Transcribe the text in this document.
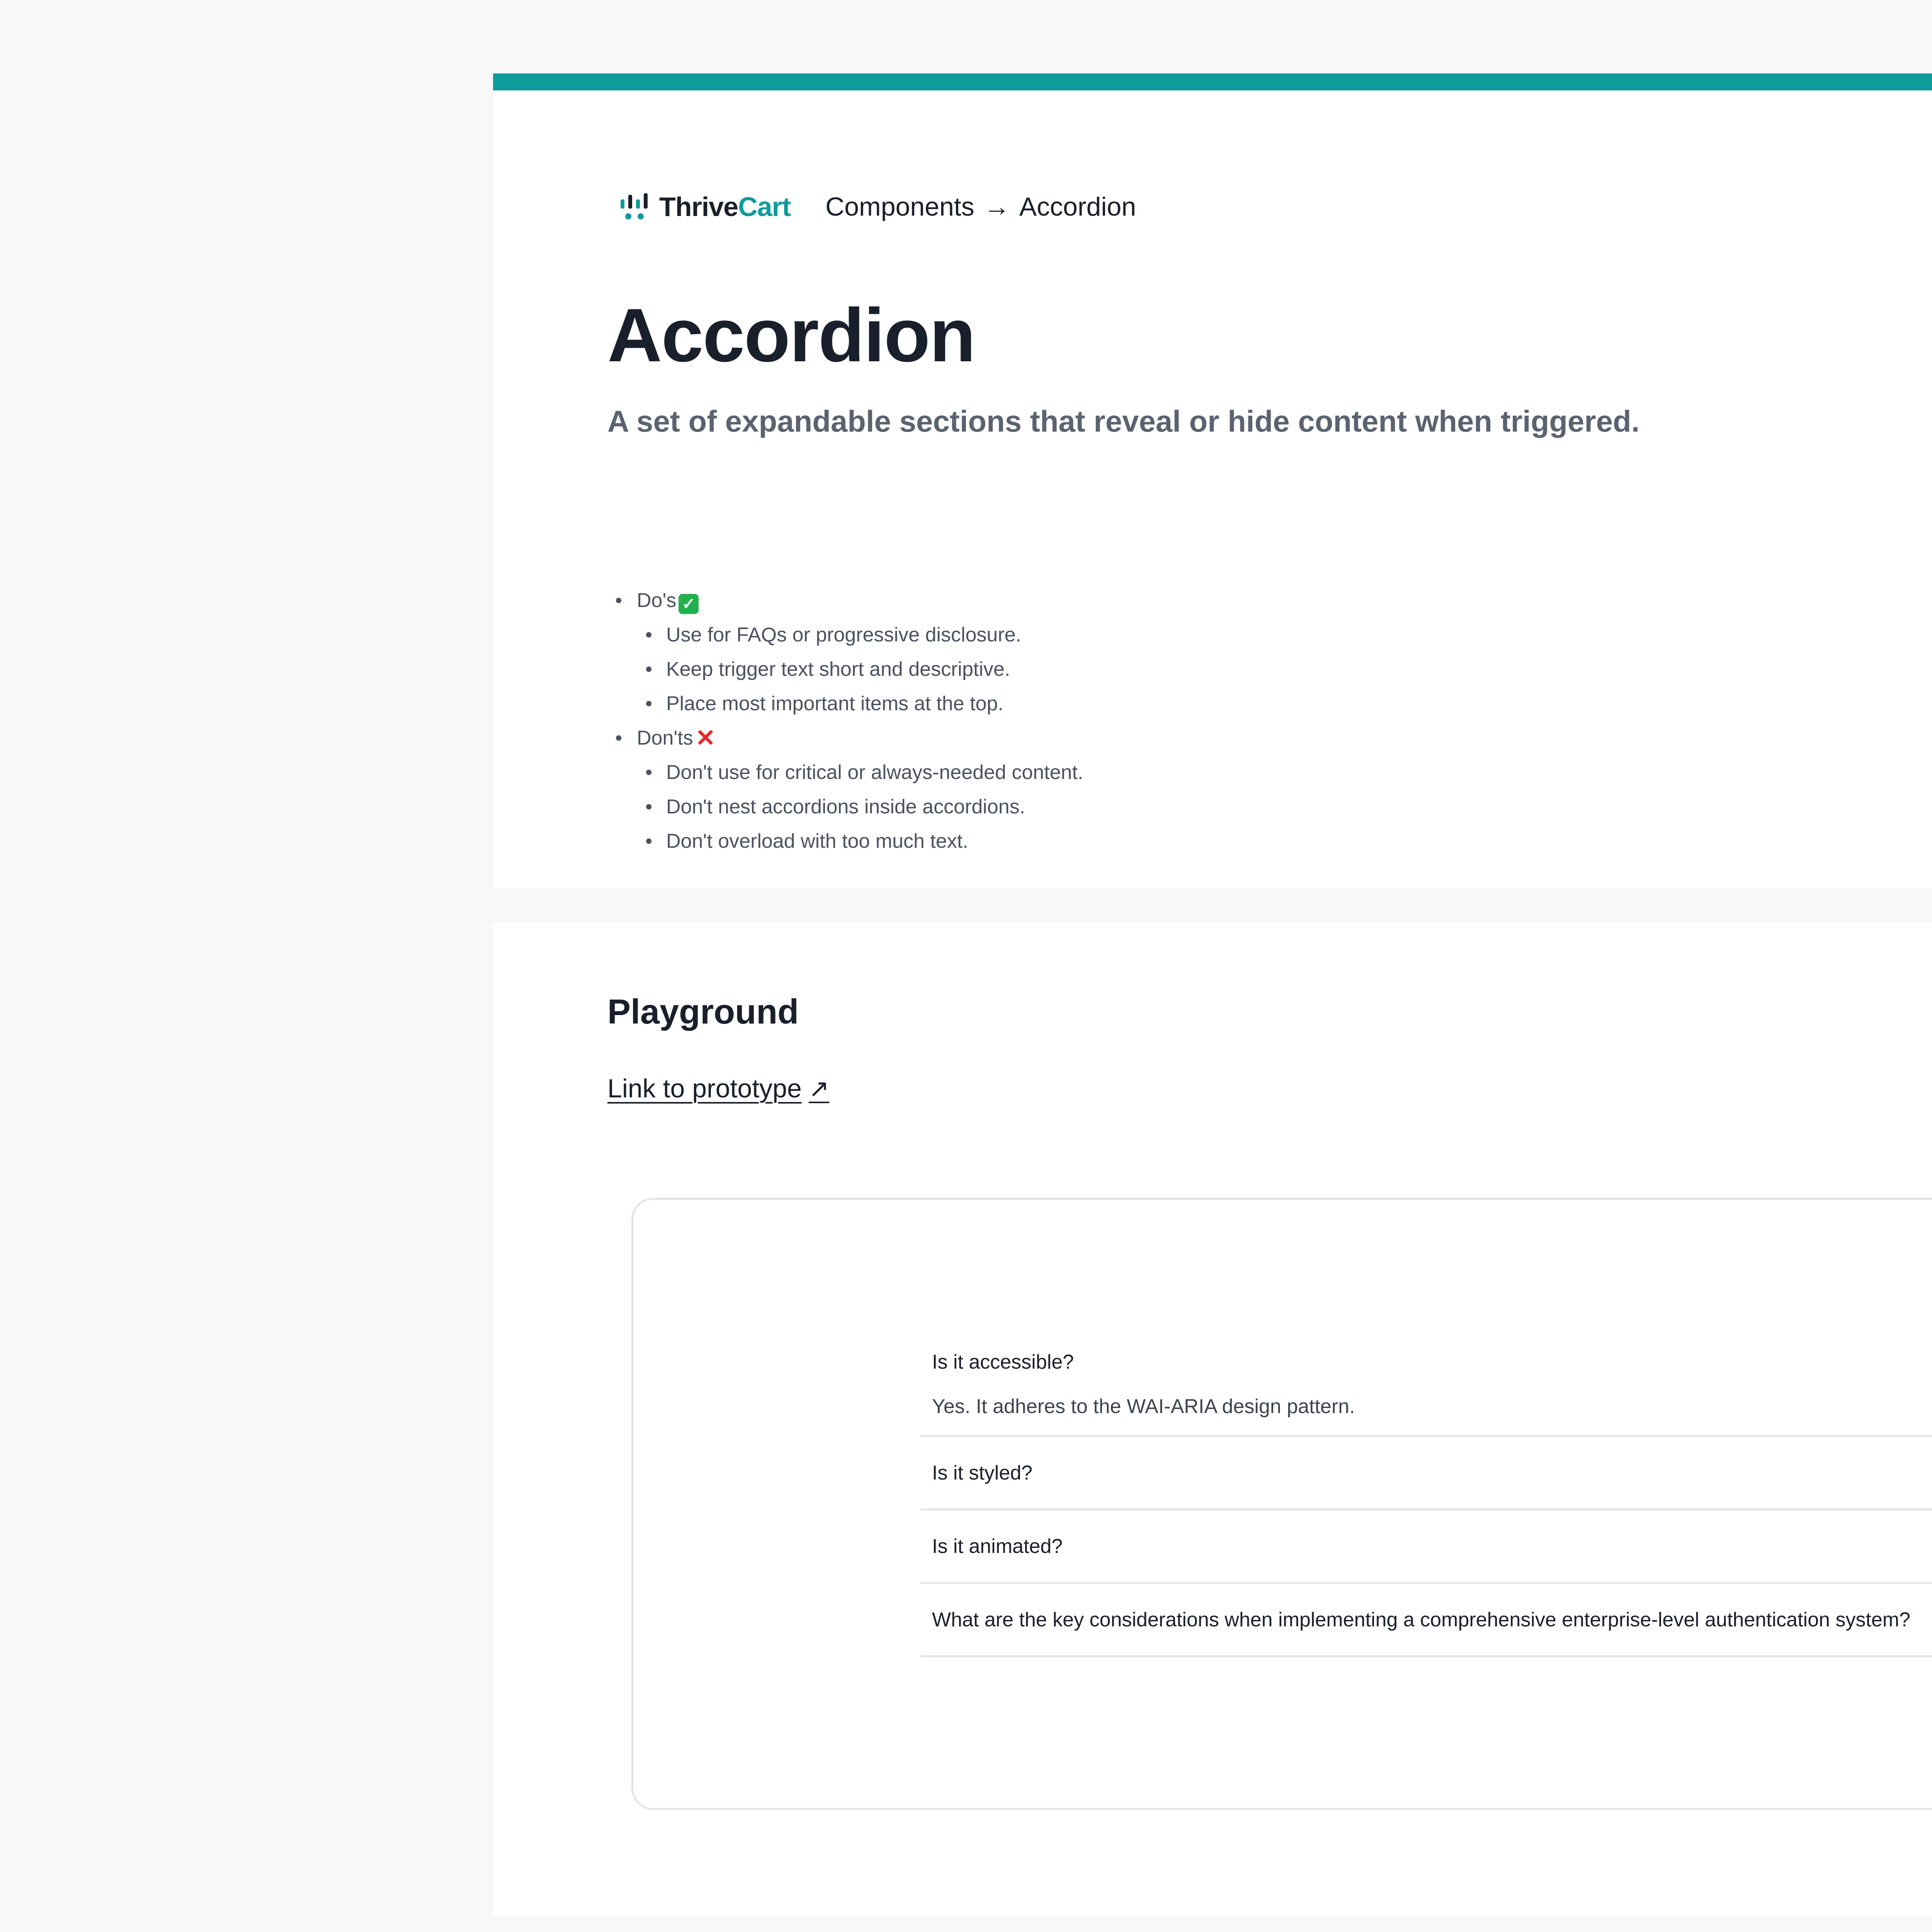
ThriveCart Components → Accordion
Accordion

A set of expandable sections that reveal or hide content when triggered.

• Do's ✓
• Use for FAQs or progressive disclosure.
• Keep trigger text short and descriptive.
• Place most important items at the top.
• Don'ts✕
• Don't use for critical or always-needed content.
• Don't nest accordions inside accordions.
• Don't overload with too much text.
Playground
Link to prototype ↗
Is it accessible?
Yes. It adheres to the WAI-ARIA design pattern.
Is it styled?
Is it animated?
What are the key considerations when implementing a comprehensive enterprise-level authentication system?
